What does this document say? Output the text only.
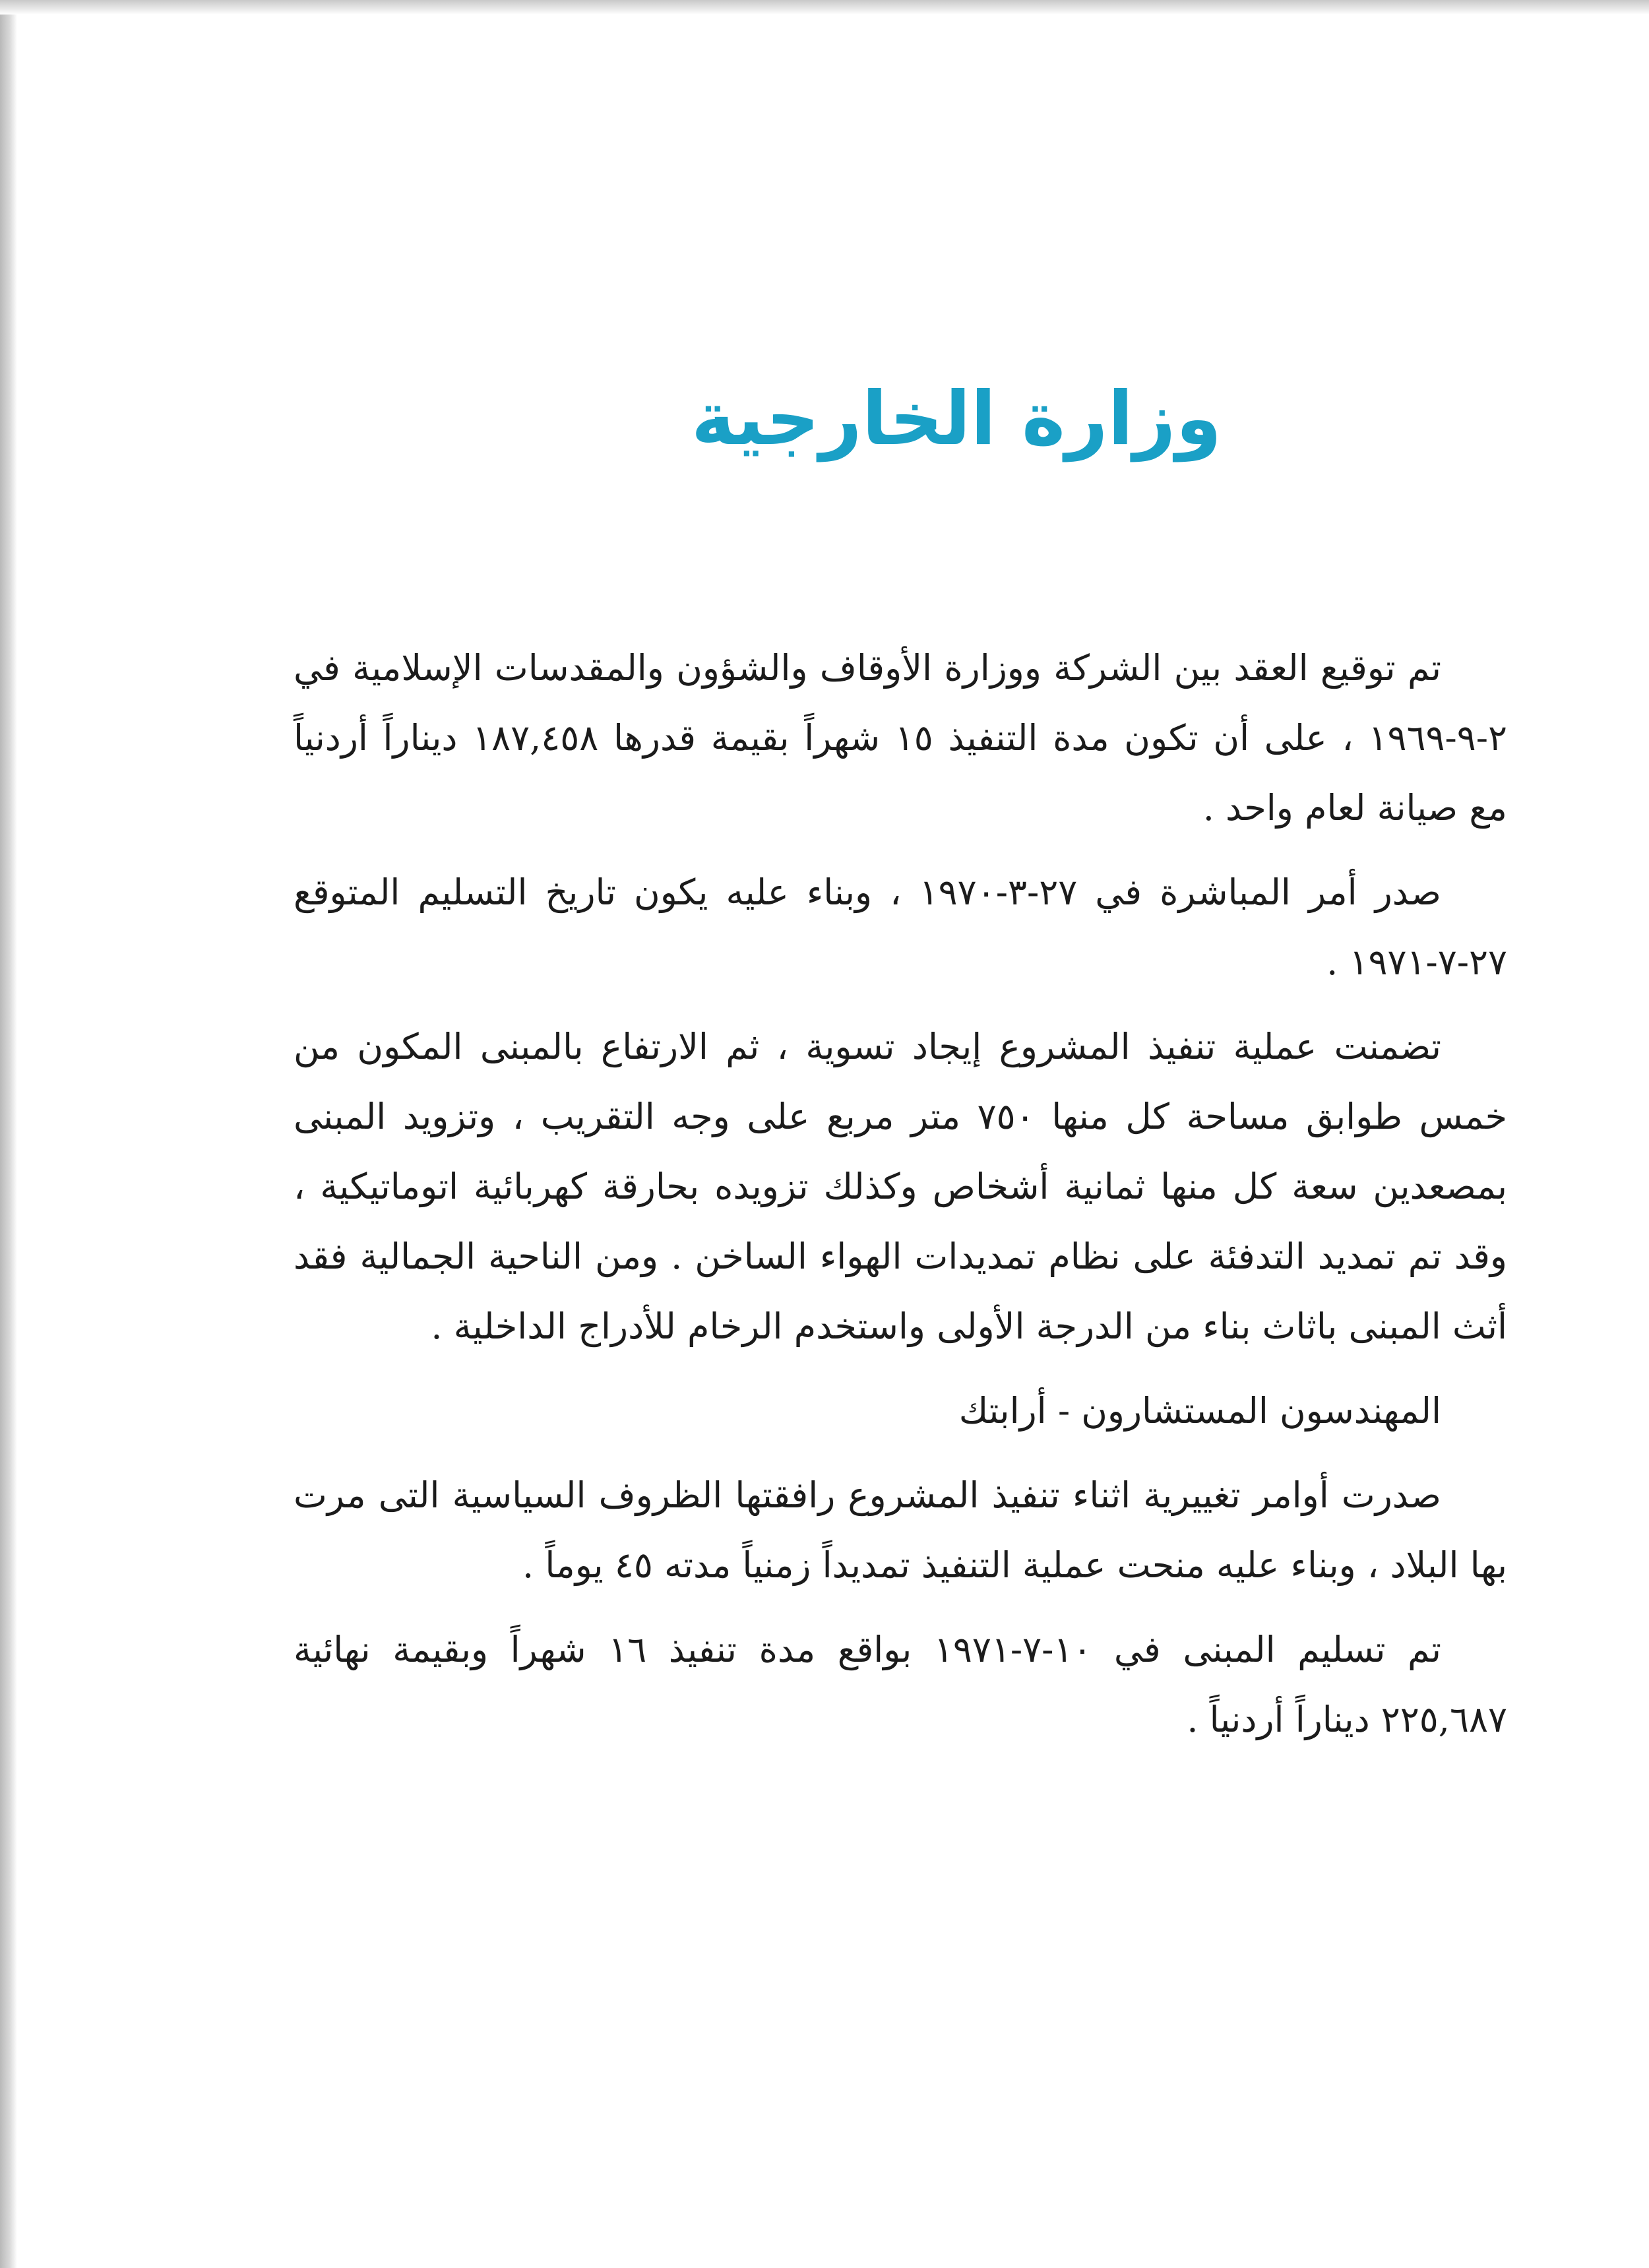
وزارة الخارجية

تم توقيع العقد بين الشركة ووزارة الأوقاف والشؤون والمقدسات الإسلامية في ٢-٩-١٩٦٩ ، على أن تكون مدة التنفيذ ١٥ شهراً بقيمة قدرها ١٨٧,٤٥٨ ديناراً أردنياً مع صيانة لعام واحد .

صدر أمر المباشرة في ٢٧-٣-١٩٧٠ ، وبناء عليه يكون تاريخ التسليم المتوقع ٢٧-٧-١٩٧١ .

تضمنت عملية تنفيذ المشروع إيجاد تسوية ، ثم الارتفاع بالمبنى المكون من خمس طوابق مساحة كل منها ٧٥٠ متر مربع على وجه التقريب ، وتزويد المبنى بمصعدين سعة كل منها ثمانية أشخاص وكذلك تزويده بحارقة كهربائية اتوماتيكية ، وقد تم تمديد التدفئة على نظام تمديدات الهواء الساخن . ومن الناحية الجمالية فقد أثث المبنى باثاث بناء من الدرجة الأولى واستخدم الرخام للأدراج الداخلية .

المهندسون المستشارون - أرابتك

صدرت أوامر تغييرية اثناء تنفيذ المشروع رافقتها الظروف السياسية التى مرت بها البلاد ، وبناء عليه منحت عملية التنفيذ تمديداً زمنياً مدته ٤٥ يوماً .

تم تسليم المبنى في ١٠-٧-١٩٧١ بواقع مدة تنفيذ ١٦ شهراً وبقيمة نهائية ٢٢٥,٦٨٧ ديناراً أردنياً .
